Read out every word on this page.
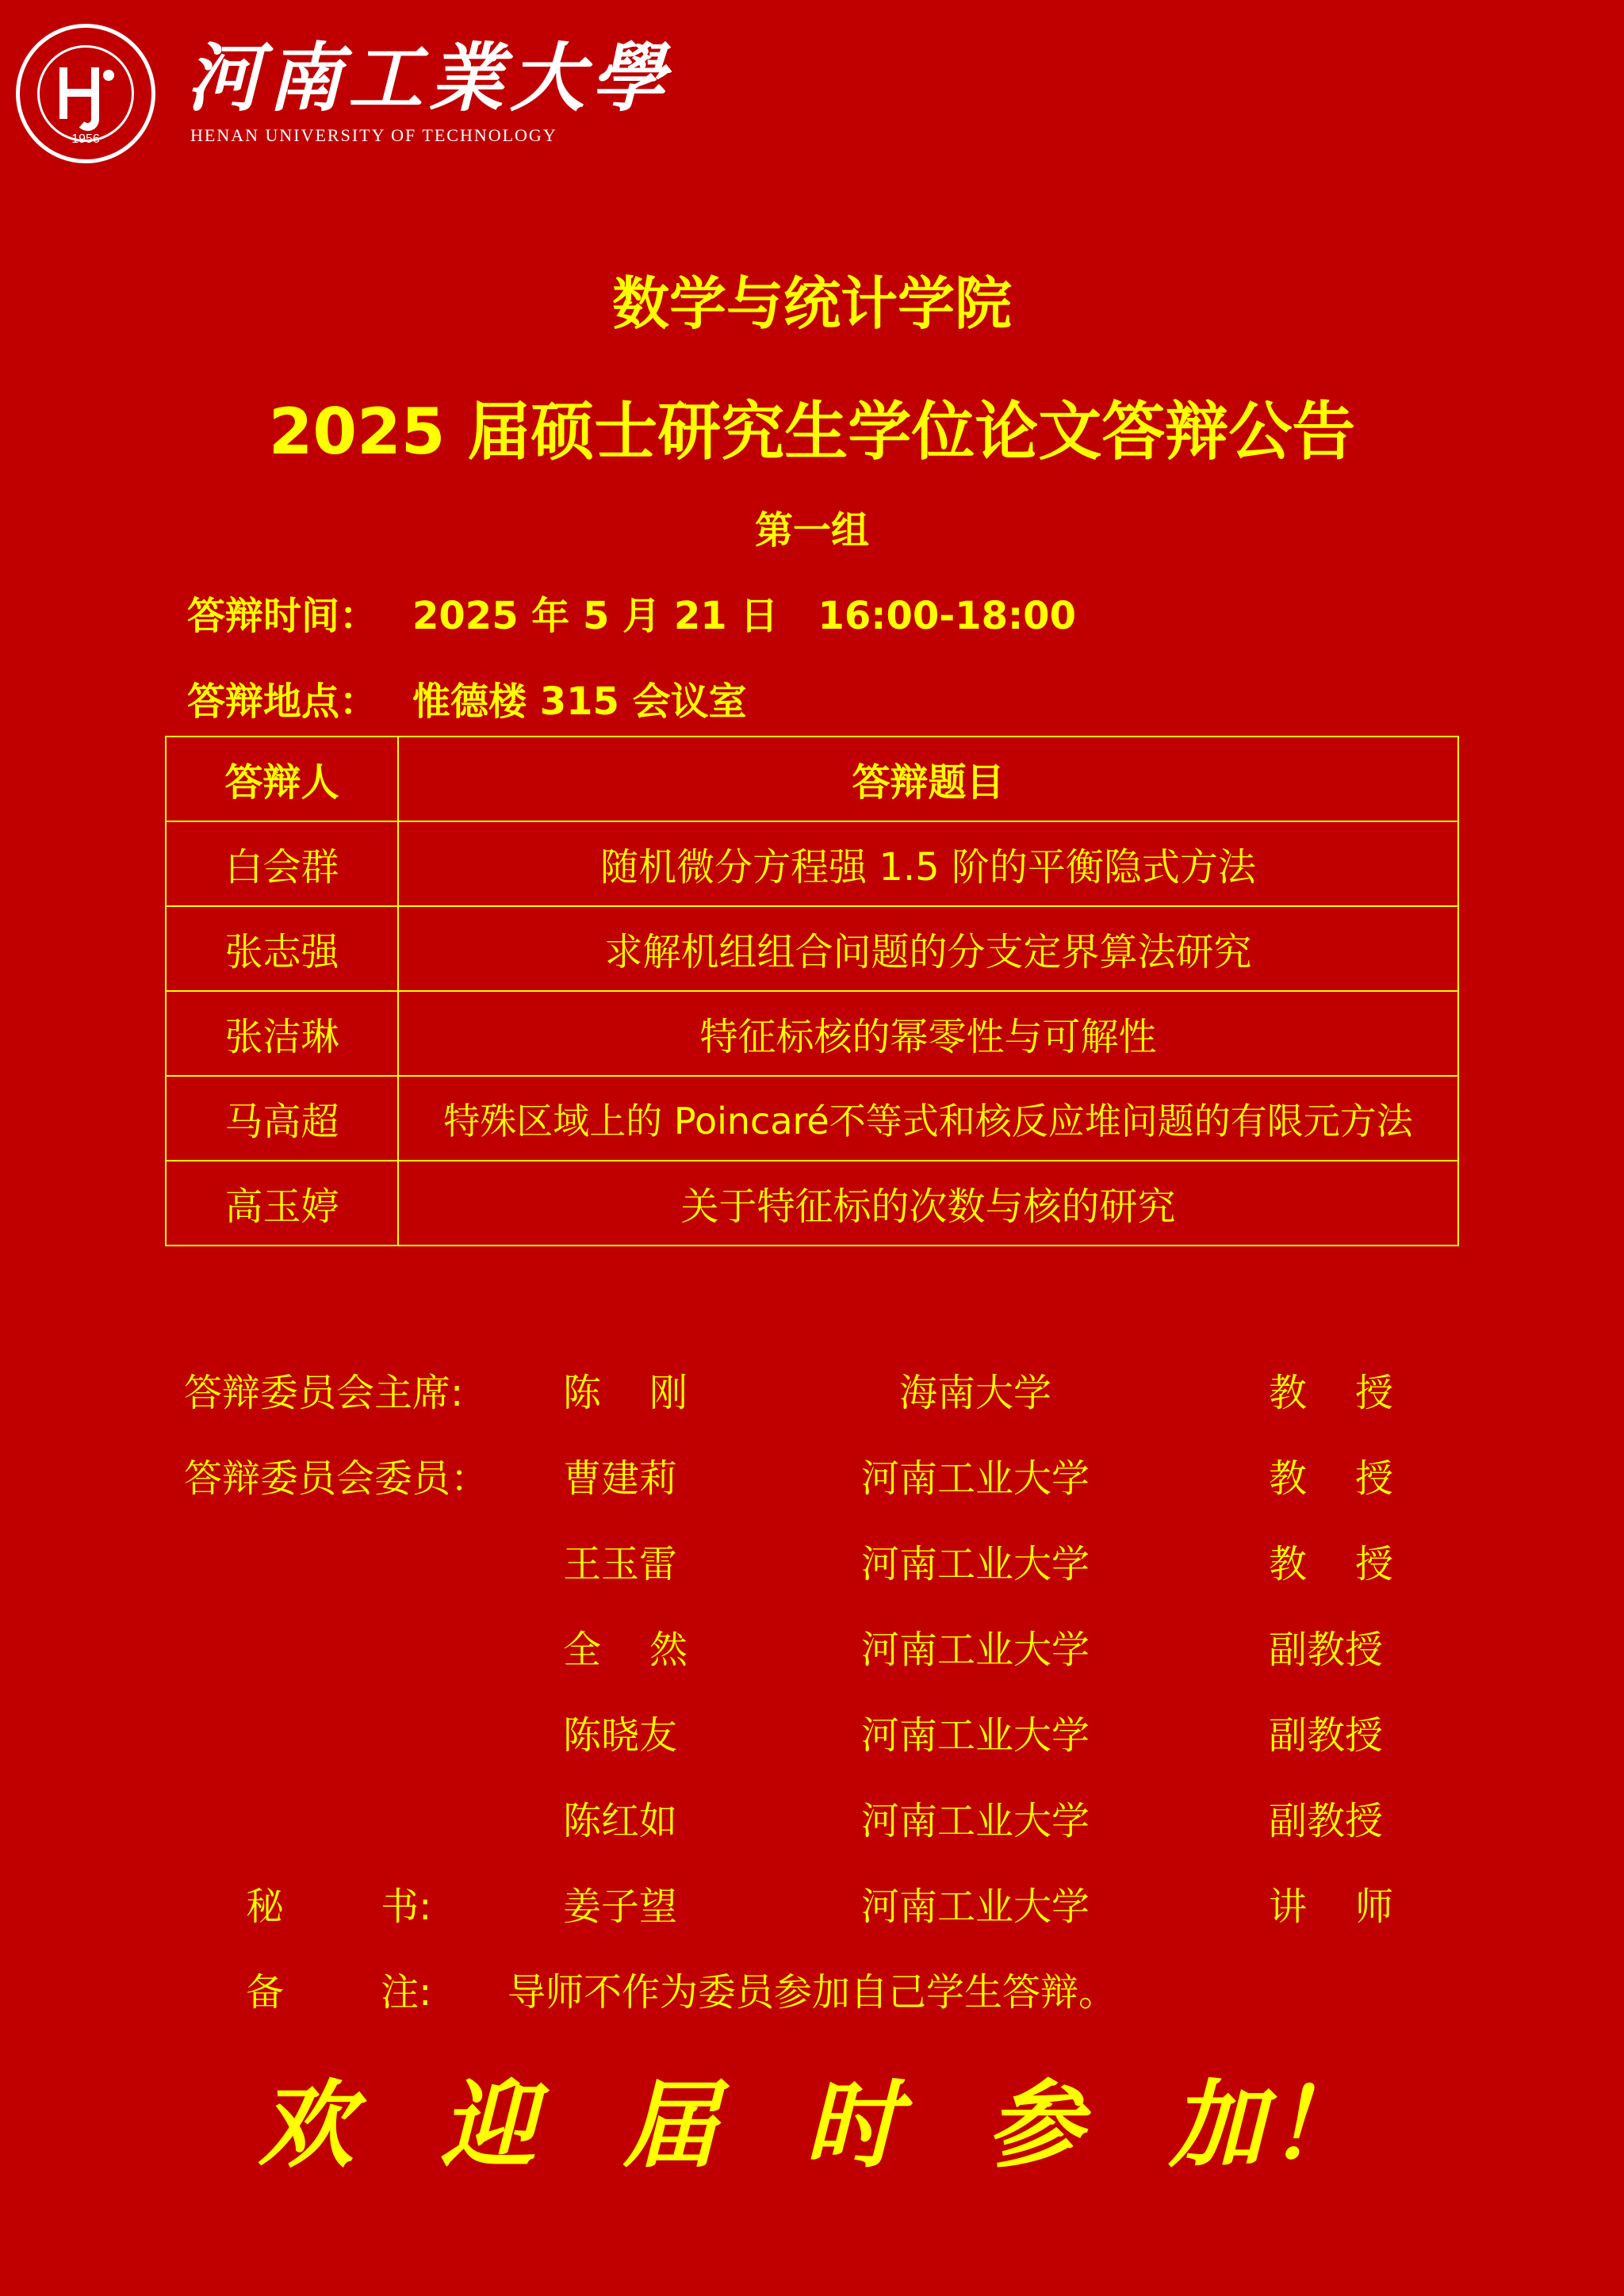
1956
河南工業大學
HENAN UNIVERSITY OF TECHNOLOGY
数学与统计学院
2025 届硕士研究生学位论文答辩公告
第一组
答辩时间： 2025 年 5 月 21 日   16:00-18:00
答辩地点： 惟德楼 315 会议室
答辩人	答辩题目
白会群	随机微分方程强 1.5 阶的平衡隐式方法
张志强	求解机组组合问题的分支定界算法研究
张洁琳	特征标核的幂零性与可解性
马高超	特殊区域上的 Poincaré不等式和核反应堆问题的有限元方法
高玉婷	关于特征标的次数与核的研究
答辩委员会主席:	陈    刚	海南大学	教    授
答辩委员会委员： 曹建莉	河南工业大学	教    授
王玉雷	河南工业大学	教    授
全    然	河南工业大学	副教授
陈晓友	河南工业大学	副教授
陈红如	河南工业大学	副教授
秘        书:	姜子望	河南工业大学	讲    师
备        注: 导师不作为委员参加自己学生答辩。
欢 迎 届 时 参 加！
